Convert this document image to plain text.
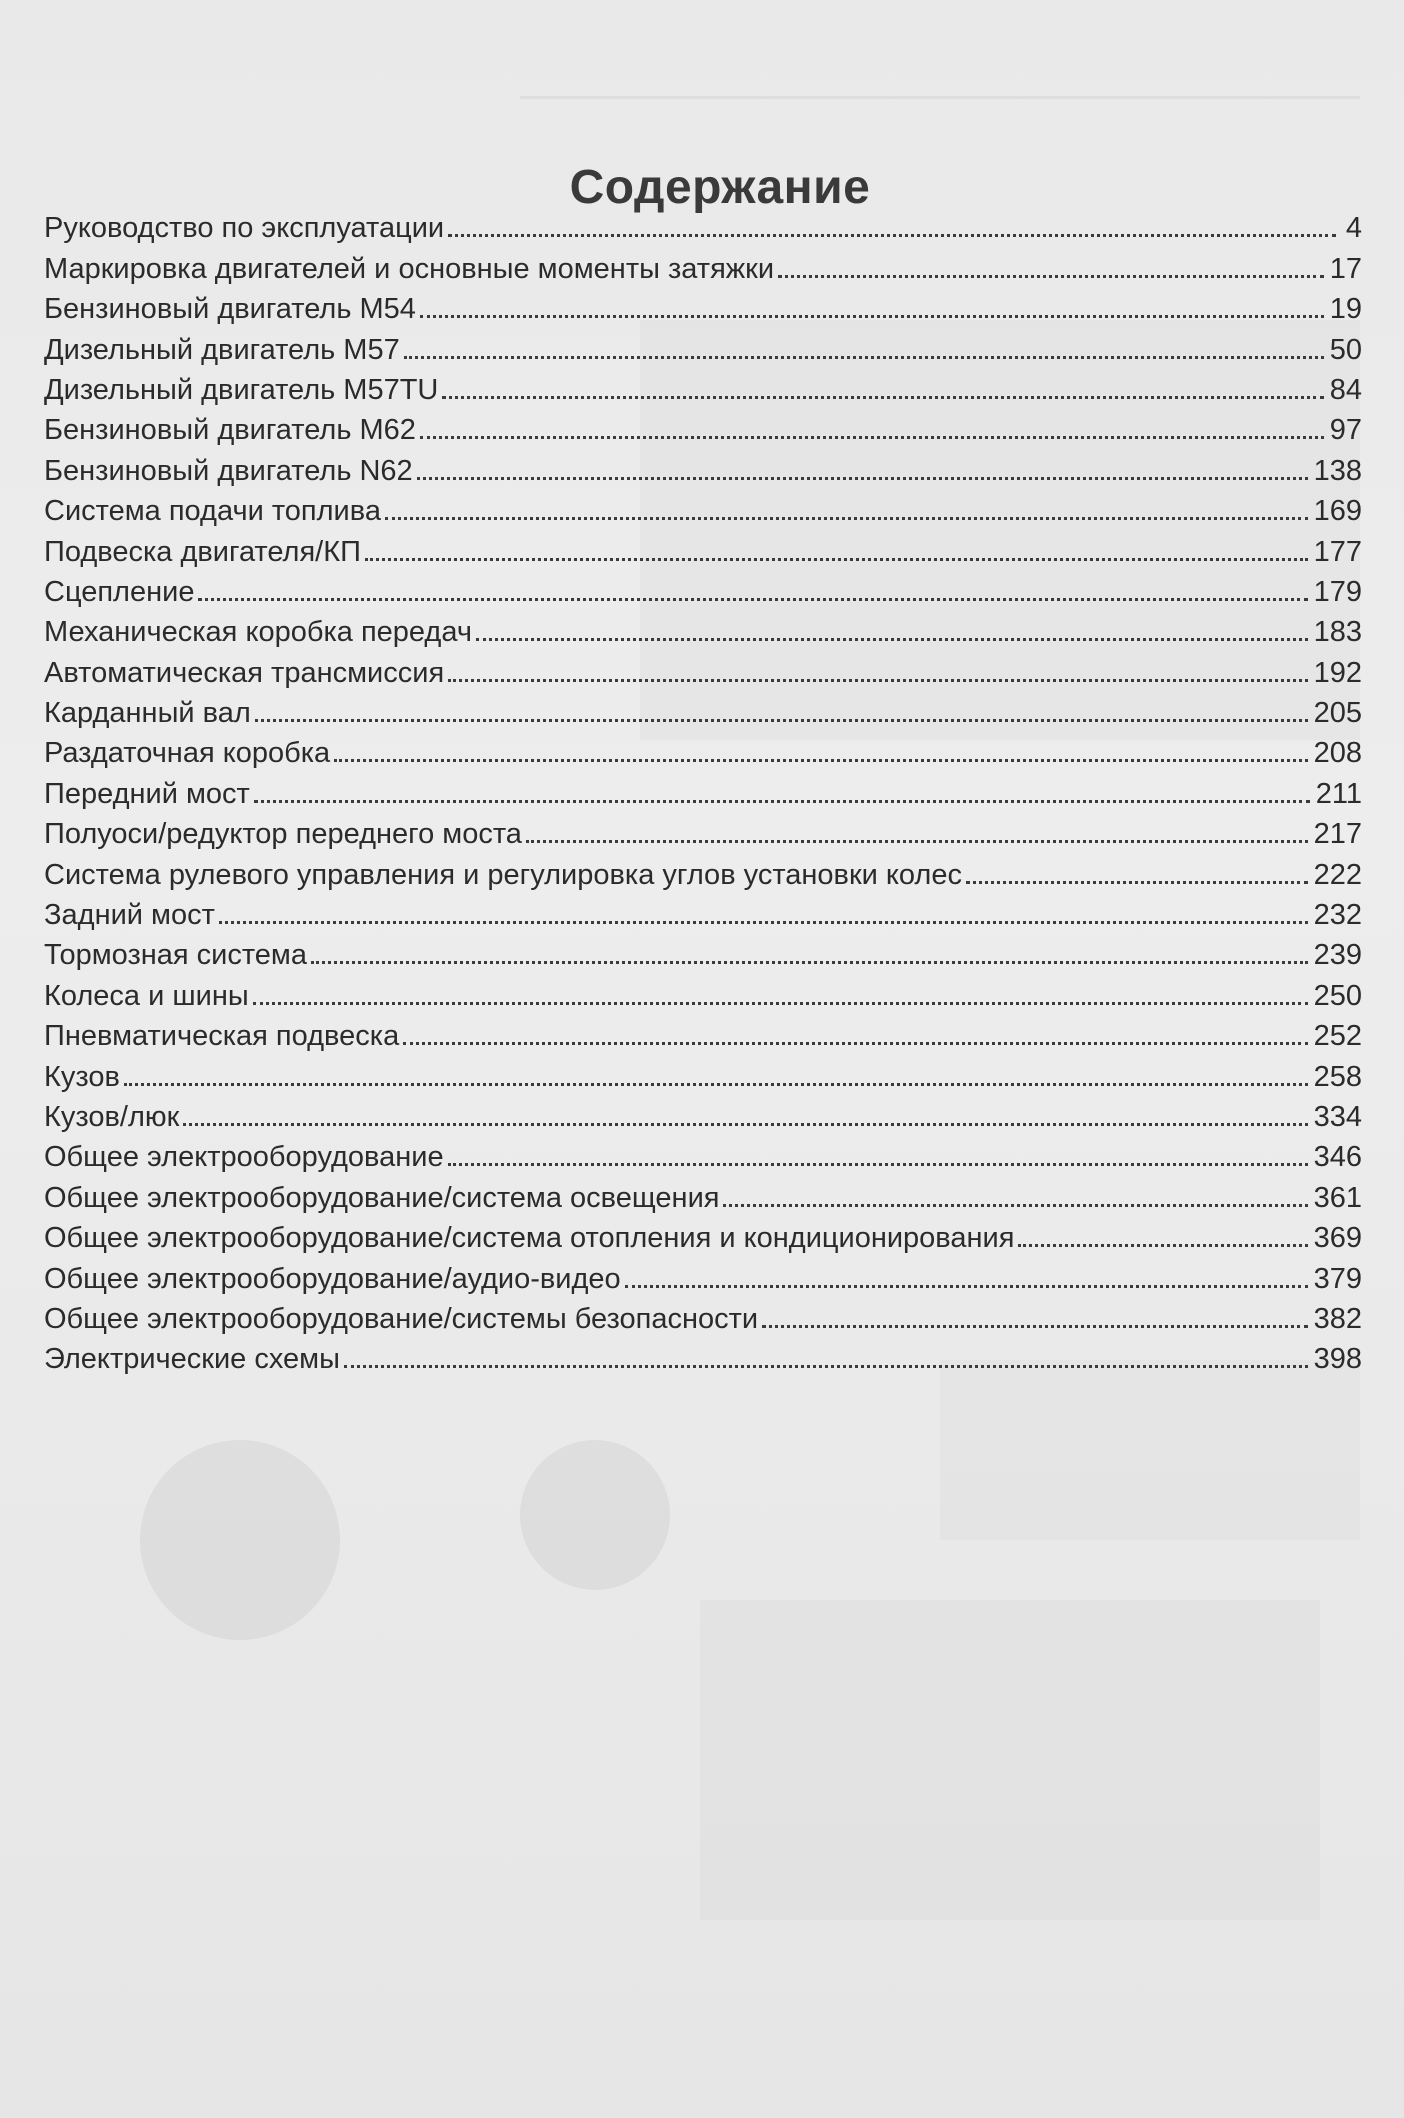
Содержание
Руководство по эксплуатации	4
Маркировка двигателей и основные моменты затяжки	17
Бензиновый двигатель М54	19
Дизельный двигатель М57	50
Дизельный двигатель М57TU	84
Бензиновый двигатель М62	97
Бензиновый двигатель N62	138
Система подачи топлива	169
Подвеска двигателя/КП	177
Сцепление	179
Механическая коробка передач	183
Автоматическая трансмиссия	192
Карданный вал	205
Раздаточная коробка	208
Передний мост	211
Полуоси/редуктор переднего моста	217
Система рулевого управления и регулировка углов установки колес	222
Задний мост	232
Тормозная система	239
Колеса и шины	250
Пневматическая подвеска	252
Кузов	258
Кузов/люк	334
Общее электрооборудование	346
Общее электрооборудование/система освещения	361
Общее электрооборудование/система отопления и кондиционирования	369
Общее электрооборудование/аудио-видео	379
Общее электрооборудование/системы безопасности	382
Электрические схемы	398
